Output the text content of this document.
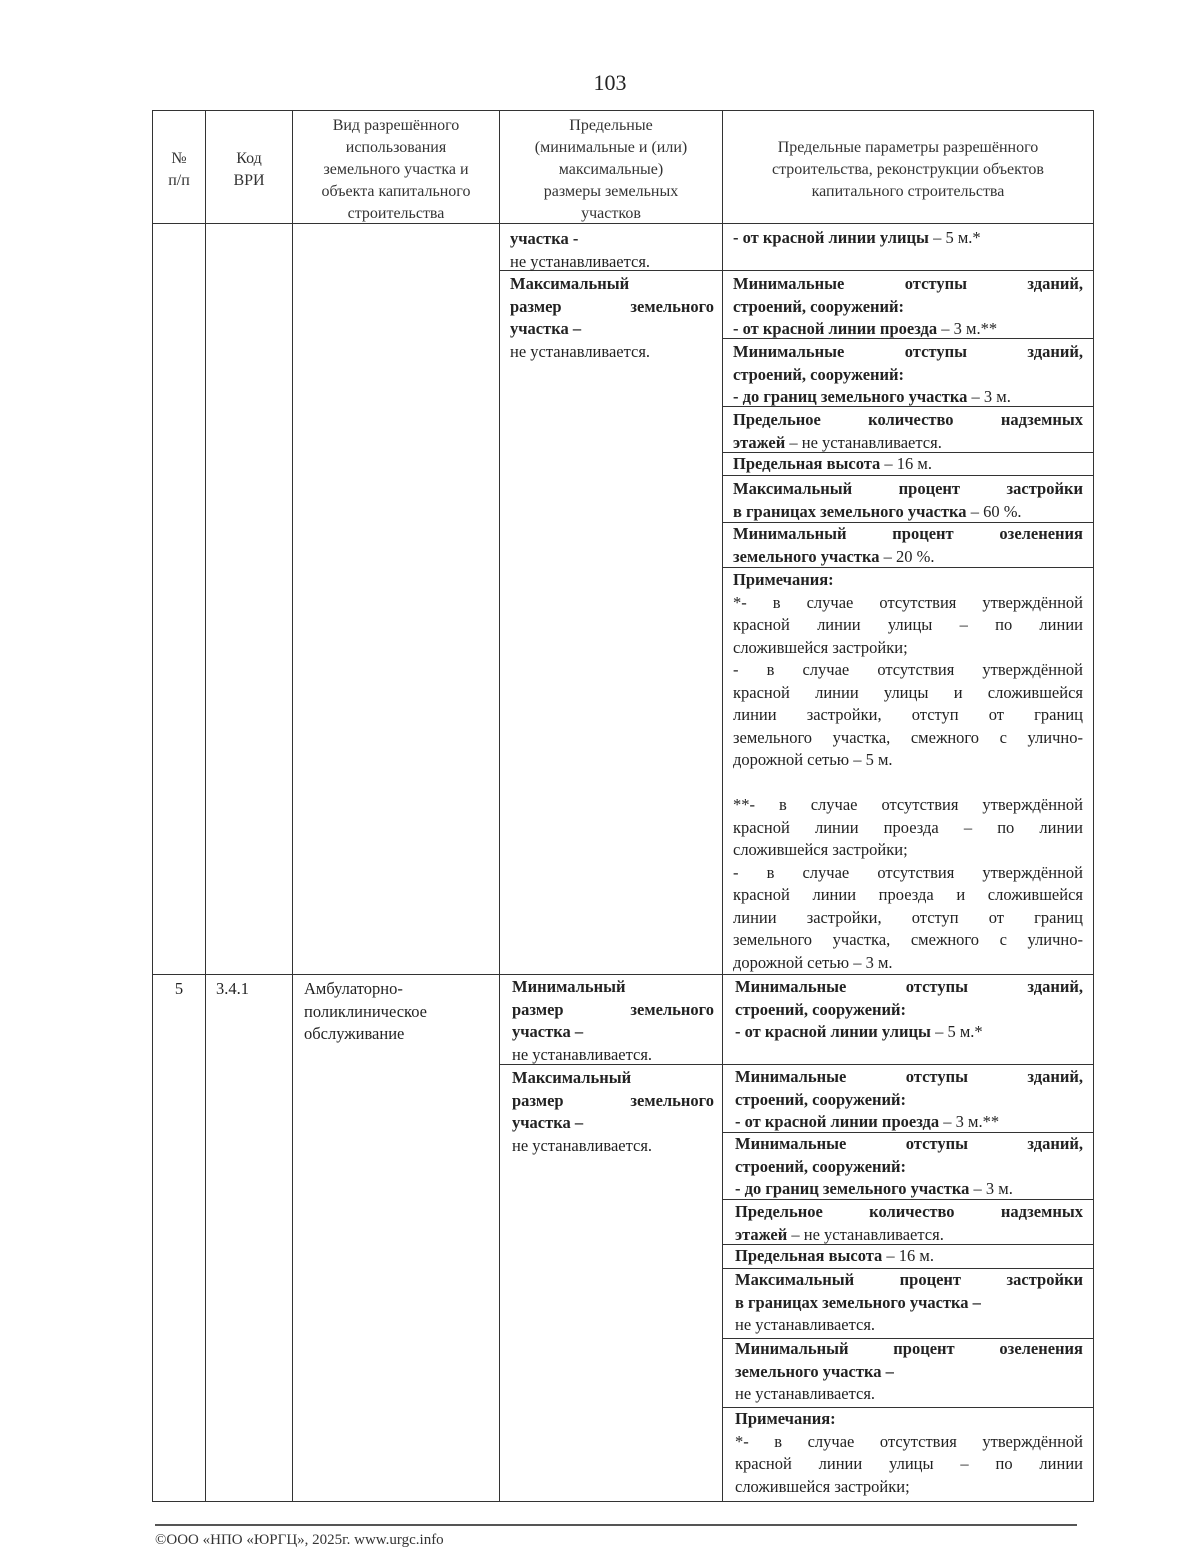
103
№
п/п
Код
ВРИ
Вид разрешённого
использования
земельного участка и
объекта капитального
строительства
Предельные
(минимальные и (или)
максимальные)
размеры земельных
участков
Предельные параметры разрешённого
строительства, реконструкции объектов
капитального строительства
участка -
не устанавливается.
Максимальный
размер земельного
участка –
не устанавливается.
- от красной линии улицы – 5 м.*
Минимальные отступы зданий,
строений, сооружений:
- от красной линии проезда – 3 м.**
Минимальные отступы зданий,
строений, сооружений:
- до границ земельного участка – 3 м.
Предельное количество надземных
этажей – не устанавливается.
Предельная высота – 16 м.
Максимальный процент застройки
в границах земельного участка – 60 %.
Минимальный процент озеленения
земельного участка – 20 %.
Примечания:
*- в случае отсутствия утверждённой
красной линии улицы – по линии
сложившейся застройки;
- в случае отсутствия утверждённой
красной линии улицы и сложившейся
линии застройки, отступ от границ
земельного участка, смежного с улично-
дорожной сетью – 5 м.
**- в случае отсутствия утверждённой
красной линии проезда – по линии
сложившейся застройки;
- в случае отсутствия утверждённой
красной линии проезда и сложившейся
линии застройки, отступ от границ
земельного участка, смежного с улично-
дорожной сетью – 3 м.
5	3.4.1	Амбулаторно-
поликлиническое
обслуживание
Минимальный
размер земельного
участка –
не устанавливается.
Максимальный
размер земельного
участка –
не устанавливается.
Минимальные отступы зданий,
строений, сооружений:
- от красной линии улицы – 5 м.*
Минимальные отступы зданий,
строений, сооружений:
- от красной линии проезда – 3 м.**
Минимальные отступы зданий,
строений, сооружений:
- до границ земельного участка – 3 м.
Предельное количество надземных
этажей – не устанавливается.
Предельная высота – 16 м.
Максимальный процент застройки
в границах земельного участка –
не устанавливается.
Минимальный процент озеленения
земельного участка –
не устанавливается.
Примечания:
*- в случае отсутствия утверждённой
красной линии улицы – по линии
сложившейся застройки;
©ООО «НПО «ЮРГЦ», 2025г. www.urgc.info
